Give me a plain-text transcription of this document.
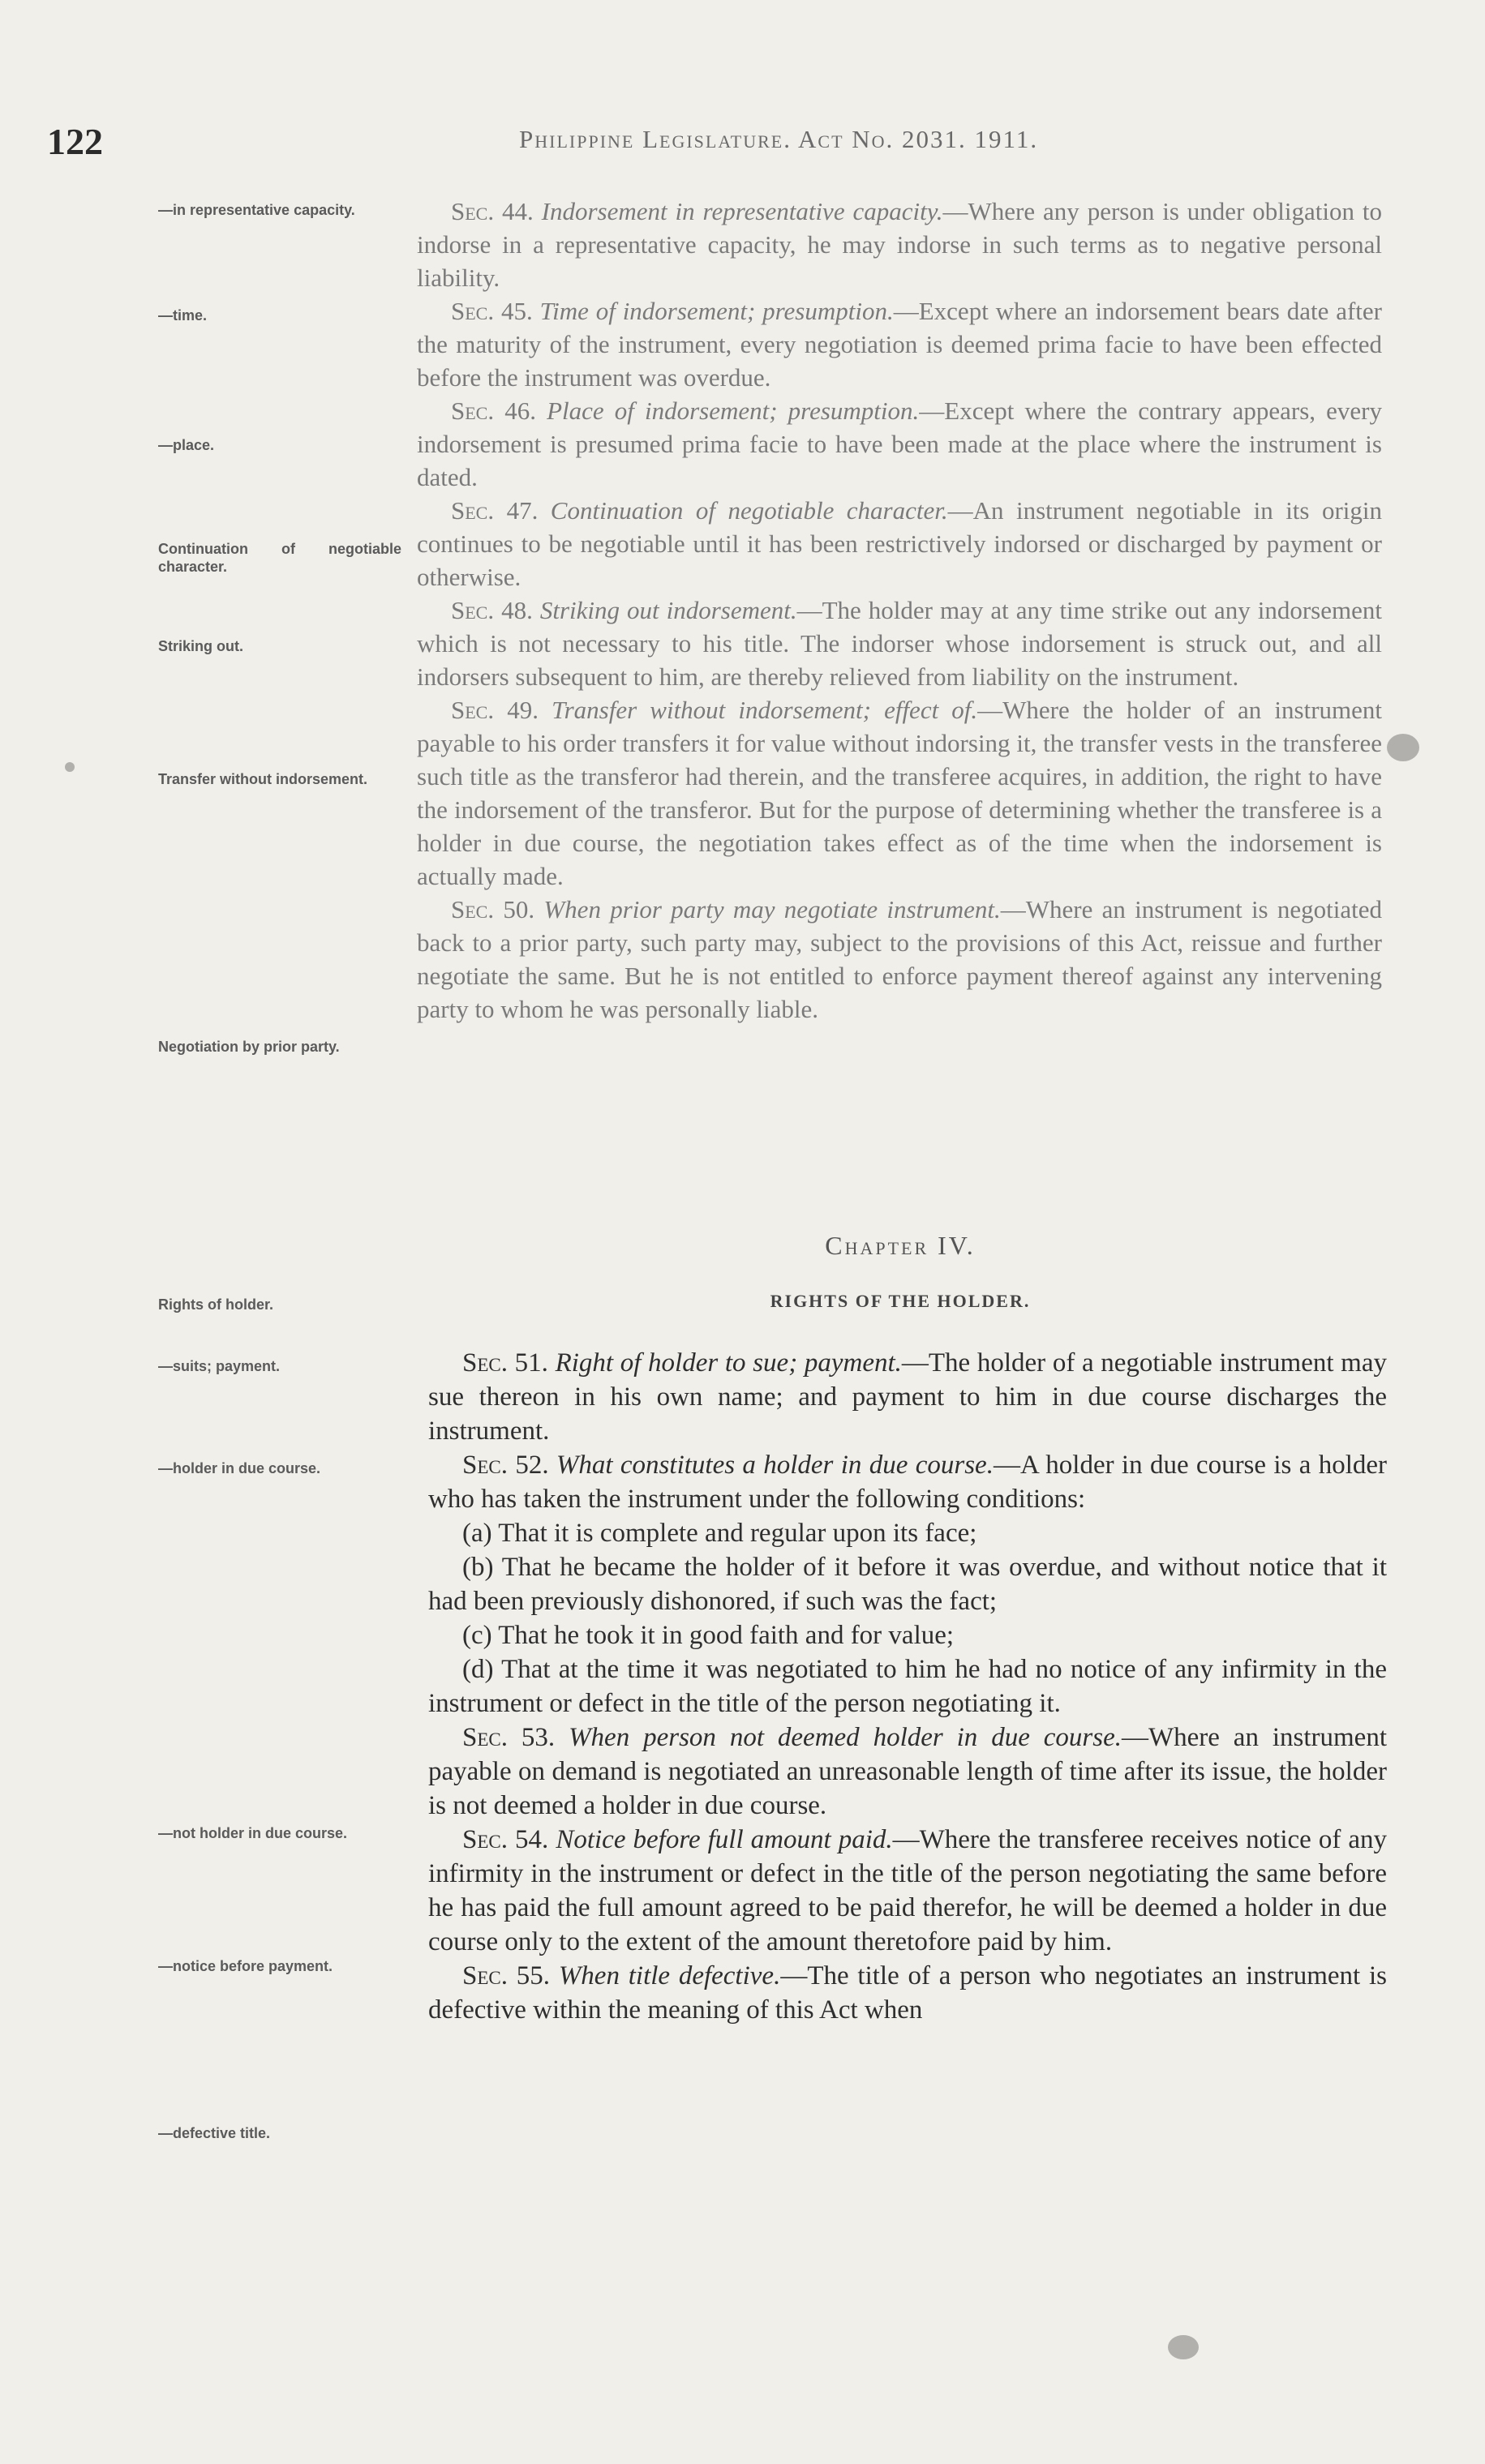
122	Philippine Legislature. Act No. 2031. 1911.
—in representative capacity.
—time.
—place.
Continuation of negotiable character.
Striking out.
Transfer without indorsement.
Negotiation by prior party.
Rights of holder.
—suits; payment.
—holder in due course.
—not holder in due course.
—notice before payment.
—defective title.

Sec. 44. Indorsement in representative capacity.—Where any person is under obligation to indorse in a representative capacity, he may indorse in such terms as to negative personal liability.

Sec. 45. Time of indorsement; presumption.—Except where an indorsement bears date after the maturity of the instrument, every negotiation is deemed prima facie to have been effected before the instrument was overdue.

Sec. 46. Place of indorsement; presumption.—Except where the contrary appears, every indorsement is presumed prima facie to have been made at the place where the instrument is dated.

Sec. 47. Continuation of negotiable character.—An instrument negotiable in its origin continues to be negotiable until it has been restrictively indorsed or discharged by payment or otherwise.

Sec. 48. Striking out indorsement.—The holder may at any time strike out any indorsement which is not necessary to his title. The indorser whose indorsement is struck out, and all indorsers subsequent to him, are thereby relieved from liability on the instrument.

Sec. 49. Transfer without indorsement; effect of.—Where the holder of an instrument payable to his order transfers it for value without indorsing it, the transfer vests in the transferee such title as the transferor had therein, and the transferee acquires, in addition, the right to have the indorsement of the transferor. But for the purpose of determining whether the transferee is a holder in due course, the negotiation takes effect as of the time when the indorsement is actually made.

Sec. 50. When prior party may negotiate instrument.—Where an instrument is negotiated back to a prior party, such party may, subject to the provisions of this Act, reissue and further negotiate the same. But he is not entitled to enforce payment thereof against any intervening party to whom he was personally liable.

Chapter IV.
RIGHTS OF THE HOLDER.

Sec. 51. Right of holder to sue; payment.—The holder of a negotiable instrument may sue thereon in his own name; and payment to him in due course discharges the instrument.

Sec. 52. What constitutes a holder in due course.—A holder in due course is a holder who has taken the instrument under the following conditions:

(a) That it is complete and regular upon its face;

(b) That he became the holder of it before it was overdue, and without notice that it had been previously dishonored, if such was the fact;

(c) That he took it in good faith and for value;

(d) That at the time it was negotiated to him he had no notice of any infirmity in the instrument or defect in the title of the person negotiating it.

Sec. 53. When person not deemed holder in due course.—Where an instrument payable on demand is negotiated an unreasonable length of time after its issue, the holder is not deemed a holder in due course.

Sec. 54. Notice before full amount paid.—Where the transferee receives notice of any infirmity in the instrument or defect in the title of the person negotiating the same before he has paid the full amount agreed to be paid therefor, he will be deemed a holder in due course only to the extent of the amount theretofore paid by him.

Sec. 55. When title defective.—The title of a person who negotiates an instrument is defective within the meaning of this Act when
